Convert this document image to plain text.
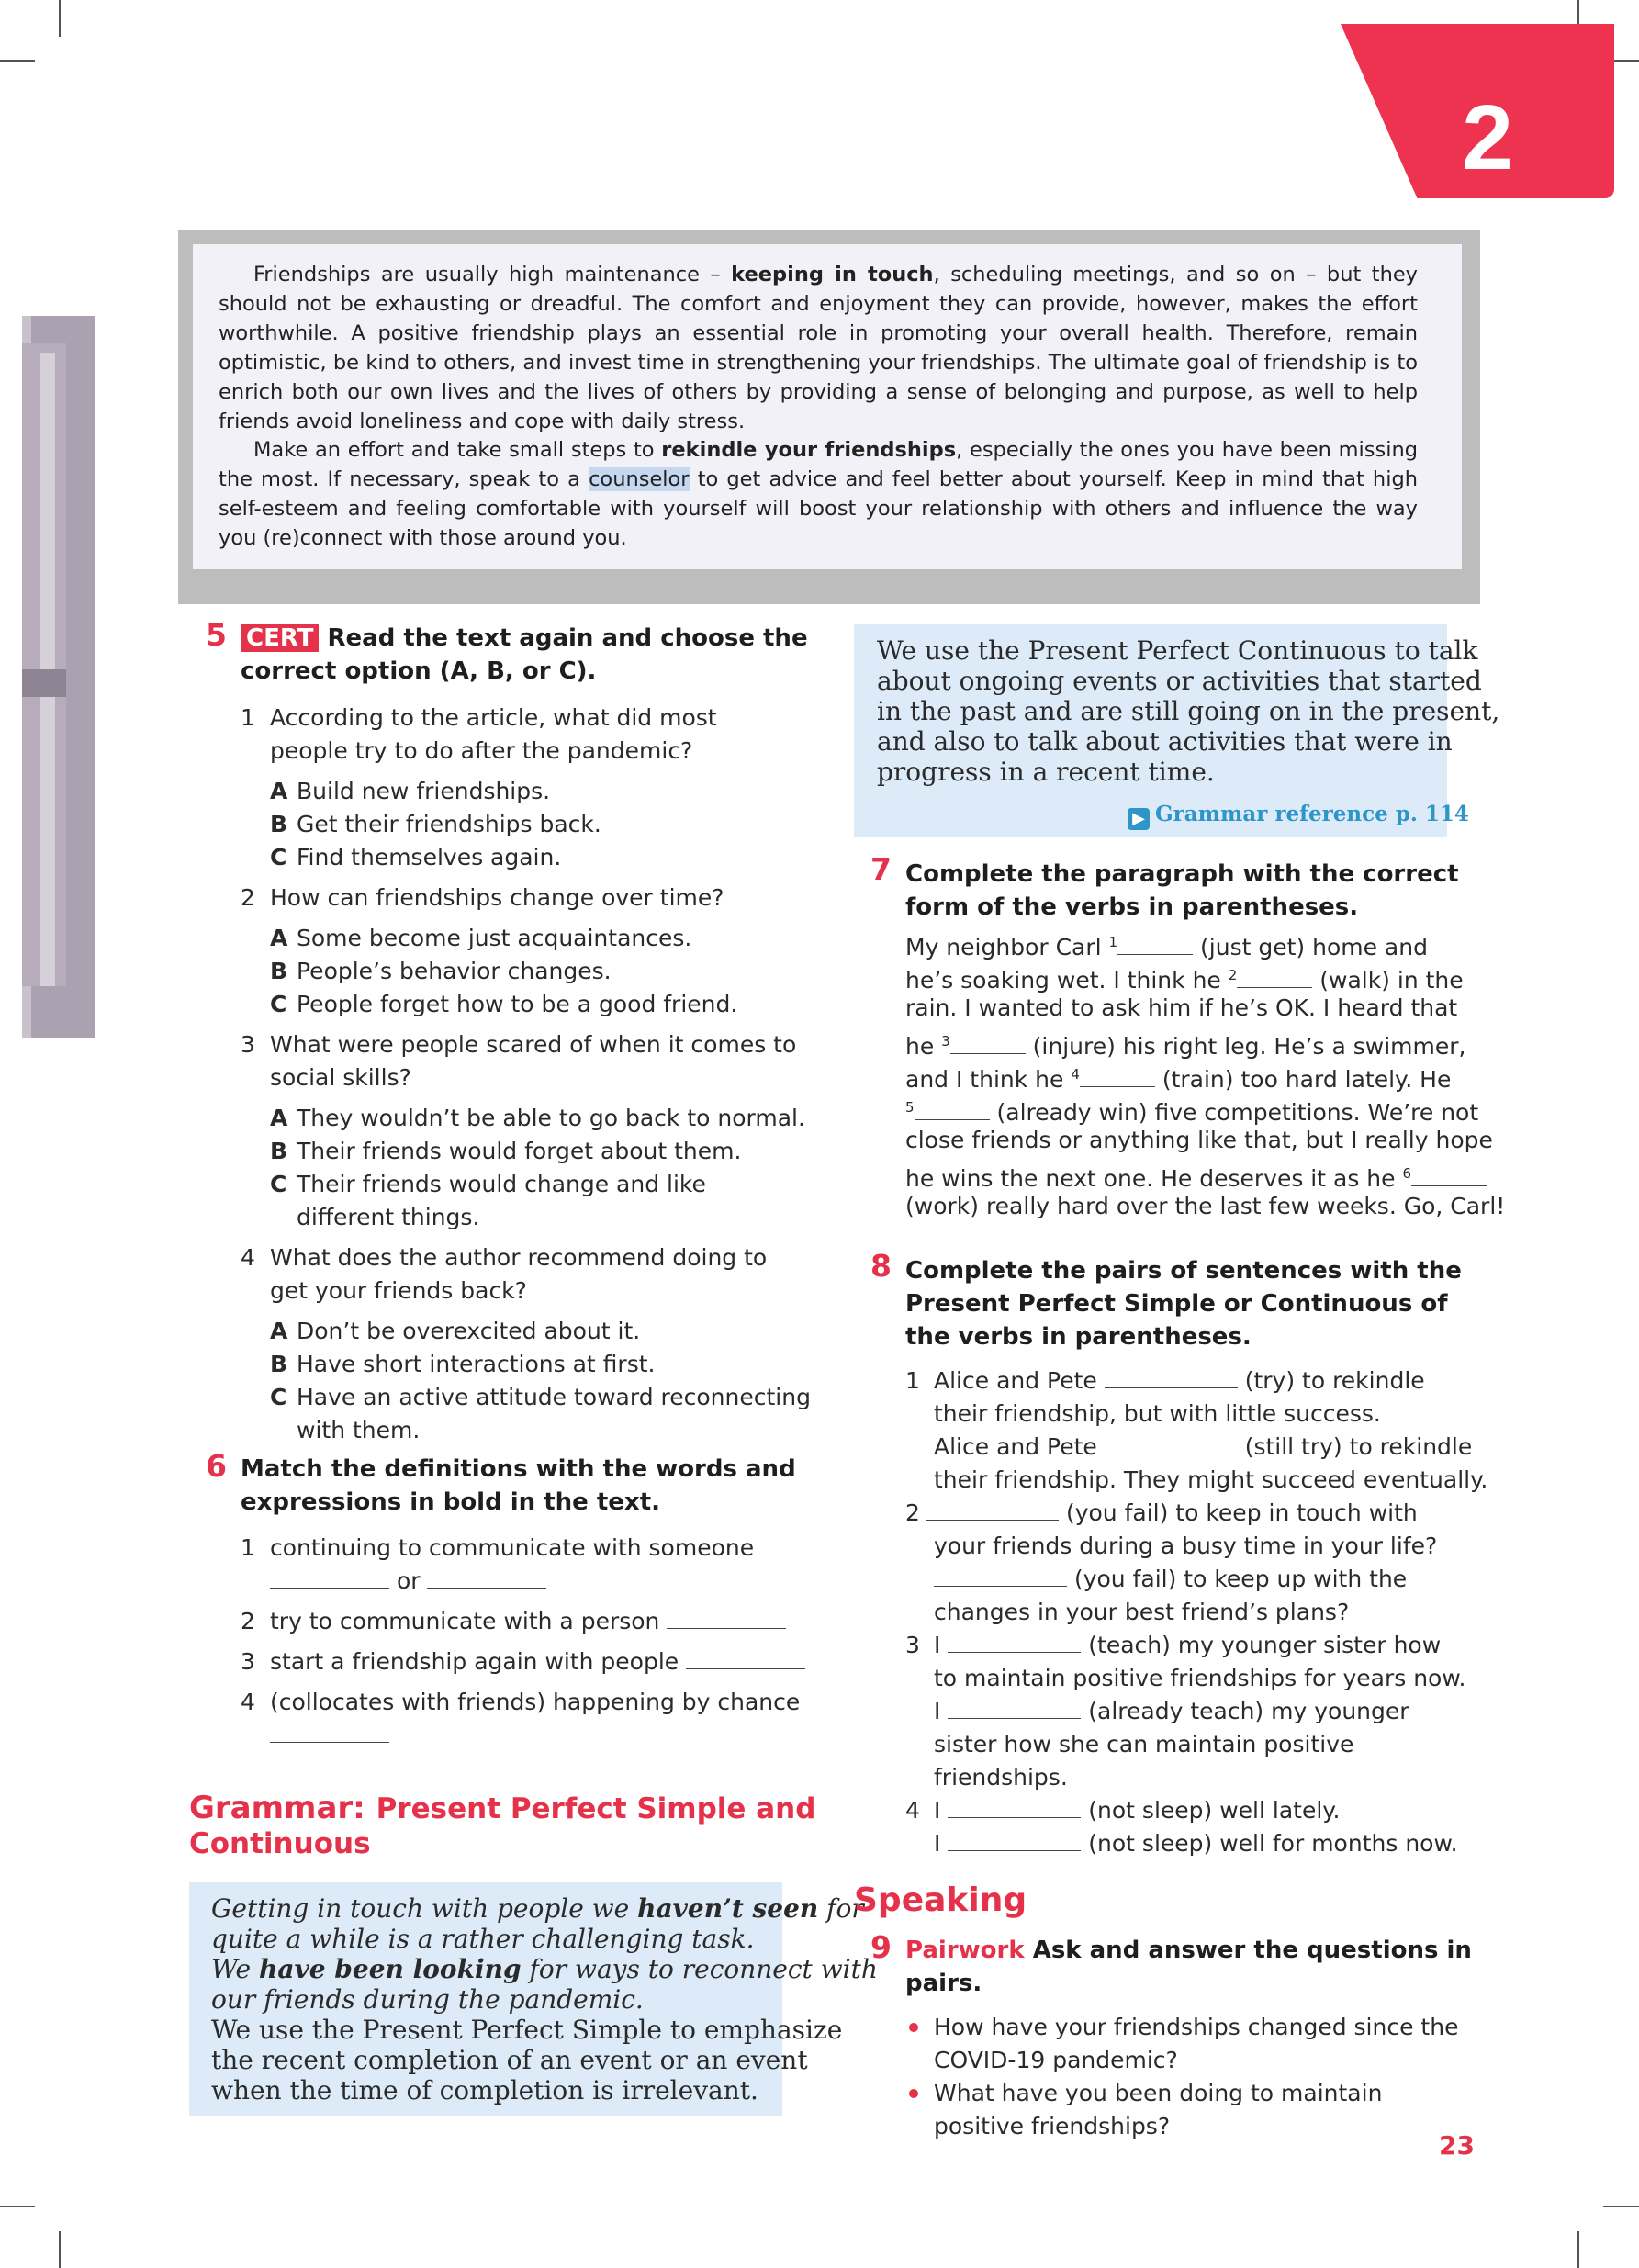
2

Friendships are usually high maintenance – keeping in touch, scheduling meetings, and so on – but they should not be exhausting or dreadful. The comfort and enjoyment they can provide, however, makes the effort worthwhile. A positive friendship plays an essential role in promoting your overall health. Therefore, remain optimistic, be kind to others, and invest time in strengthening your friendships. The ultimate goal of friendship is to enrich both our own lives and the lives of others by providing a sense of belonging and purpose, as well to help friends avoid loneliness and cope with daily stress.

Make an effort and take small steps to rekindle your friendships, especially the ones you have been missing the most. If necessary, speak to a counselor to get advice and feel better about yourself. Keep in mind that high self-esteem and feeling comfortable with yourself will boost your relationship with others and influence the way you (re)connect with those around you.

5 CERT Read the text again and choose the
correct option (A, B, or C).
1 According to the article, what did most
people try to do after the pandemic?
A Build new friendships.
B Get their friendships back.
C Find themselves again.
2 How can friendships change over time?
A Some become just acquaintances.
B People’s behavior changes.
C People forget how to be a good friend.
3 What were people scared of when it comes to
social skills?
A They wouldn’t be able to go back to normal.
B Their friends would forget about them.
C Their friends would change and like
different things.
4 What does the author recommend doing to
get your friends back?
A Don’t be overexcited about it.
B Have short interactions at first.
C Have an active attitude toward reconnecting
with them.
6 Match the definitions with the words and
expressions in bold in the text.
1 continuing to communicate with someone
or
2 try to communicate with a person
3 start a friendship again with people
4 (collocates with friends) happening by chance
Grammar: Present Perfect Simple and
Continuous
Getting in touch with people we haven’t seen for
quite a while is a rather challenging task.
We have been looking for ways to reconnect with
our friends during the pandemic.
We use the Present Perfect Simple to emphasize
the recent completion of an event or an event
when the time of completion is irrelevant.
We use the Present Perfect Continuous to talk
about ongoing events or activities that started
in the past and are still going on in the present,
and also to talk about activities that were in
progress in a recent time.
▶ Grammar reference p. 114
7 Complete the paragraph with the correct
form of the verbs in parentheses.
My neighbor Carl $^1$	(just get) home and
he’s soaking wet. I think he $^2$	(walk) in the
rain. I wanted to ask him if he’s OK. I heard that
he $^3$	(injure) his right leg. He’s a swimmer,
and I think he $^4$	(train) too hard lately. He
$^5$	(already win) five competitions. We’re not
close friends or anything like that, but I really hope
he wins the next one. He deserves it as he $^6$
(work) really hard over the last few weeks. Go, Carl!
8 Complete the pairs of sentences with the
Present Perfect Simple or Continuous of
the verbs in parentheses.
1 Alice and Pete	(try) to rekindle
their friendship, but with little success.
Alice and Pete	(still try) to rekindle
their friendship. They might succeed eventually.
2	(you fail) to keep in touch with
your friends during a busy time in your life?
(you fail) to keep up with the
changes in your best friend’s plans?
3 I	(teach) my younger sister how
to maintain positive friendships for years now.
I	(already teach) my younger
sister how she can maintain positive
friendships.
4 I	(not sleep) well lately.
I	(not sleep) well for months now.
Speaking
9 Pairwork Ask and answer the questions in
pairs.
How have your friendships changed since the
COVID-19 pandemic?
What have you been doing to maintain
positive friendships?
23
